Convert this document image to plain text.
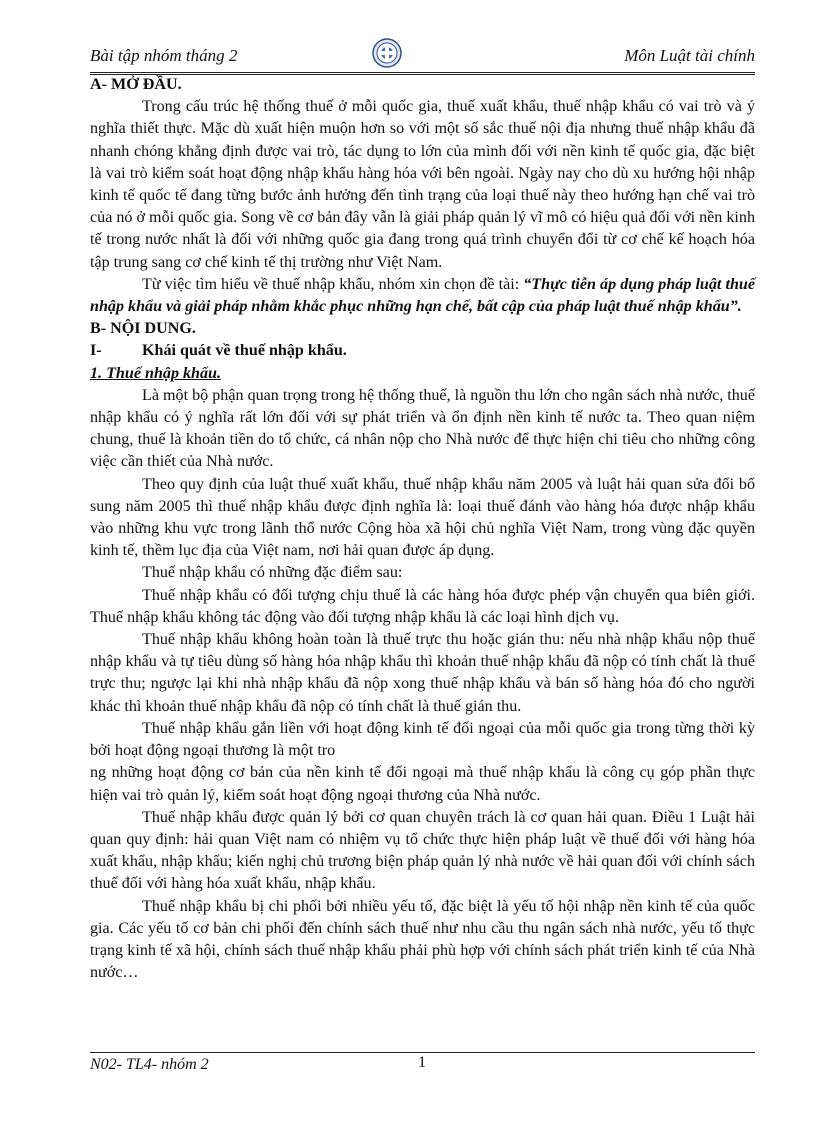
Bài tập nhóm tháng 2	Môn Luật tài chính

A- MỞ ĐẦU.

Trong cấu trúc hệ thống thuế ở mỗi quốc gia, thuế xuất khẩu, thuế nhập khẩu có vai trò và ý nghĩa thiết thực. Mặc dù xuất hiện muộn hơn so với một số sắc thuế nội địa nhưng thuế nhập khẩu đã nhanh chóng khẳng định được vai trò, tác dụng to lớn của mình đối với nền kinh tế quốc gia, đặc biệt là vai trò kiểm soát hoạt động nhập khẩu hàng hóa với bên ngoài. Ngày nay cho dù xu hướng hội nhập kinh tế quốc tế đang từng bước ảnh hưởng đến tình trạng của loại thuế này theo hướng hạn chế vai trò của nó ở mỗi quốc gia. Song về cơ bản đây vẫn là giải pháp quản lý vĩ mô có hiệu quả đối với nền kinh tế trong nước nhất là đối với những quốc gia đang trong quá trình chuyển đổi từ cơ chế kế hoạch hóa tập trung sang cơ chế kinh tế thị trường như Việt Nam.

Từ việc tìm hiểu về thuế nhập khẩu, nhóm xin chọn đề tài: “Thực tiễn áp dụng pháp luật thuế nhập khẩu và giải pháp nhằm khắc phục những hạn chế, bất cập của pháp luật thuế nhập khẩu”.

B- NỘI DUNG.

I-	Khái quát về thuế nhập khẩu.

1. Thuế nhập khẩu.

Là một bộ phận quan trọng trong hệ thống thuế, là nguồn thu lớn cho ngân sách nhà nước, thuế nhập khẩu có ý nghĩa rất lớn đối với sự phát triển và ổn định nền kinh tế nước ta. Theo quan niệm chung, thuế là khoản tiền do tổ chức, cá nhân nộp cho Nhà nước để thực hiện chi tiêu cho những công việc cần thiết của Nhà nước.

Theo quy định của luật thuế xuất khẩu, thuế nhập khẩu năm 2005 và luật hải quan sửa đổi bổ sung năm 2005 thì thuế nhập khẩu được định nghĩa là: loại thuế đánh vào hàng hóa được nhập khẩu vào những khu vực trong lãnh thổ nước Cộng hòa xã hội chủ nghĩa Việt Nam, trong vùng đặc quyền kinh tế, thềm lục địa của Việt nam, nơi hải quan được áp dụng.

Thuế nhập khẩu có những đặc điểm sau:

Thuế nhập khẩu có đối tượng chịu thuế là các hàng hóa được phép vận chuyển qua biên giới. Thuế nhập khẩu không tác động vào đối tượng nhập khẩu là các loại hình dịch vụ.

Thuế nhập khẩu không hoàn toàn là thuế trực thu hoặc gián thu: nếu nhà nhập khẩu nộp thuế nhập khẩu và tự tiêu dùng số hàng hóa nhập khẩu thì khoản thuế nhập khẩu đã nộp có tính chất là thuế trực thu; ngược lại khi nhà nhập khẩu đã nộp xong thuế nhập khẩu và bán số hàng hóa đó cho người khác thì khoản thuế nhập khẩu đã nộp có tính chất là thuế gián thu.

Thuế nhập khẩu gắn liền với hoạt động kinh tế đối ngoại của mỗi quốc gia trong từng thời kỳ bởi hoạt động ngoại thương là một tro

ng những hoạt động cơ bản của nền kinh tế đối ngoại mà thuế nhập khẩu là công cụ góp phần thực hiện vai trò quản lý, kiểm soát hoạt động ngoại thương của Nhà nước.

Thuế nhập khẩu được quản lý bởi cơ quan chuyên trách là cơ quan hải quan. Điều 1 Luật hải quan quy định: hải quan Việt nam có nhiệm vụ tổ chức thực hiện pháp luật về thuế đối với hàng hóa xuất khẩu, nhập khẩu; kiến nghị chủ trương biện pháp quản lý nhà nước về hải quan đối với chính sách thuế đối với hàng hóa xuất khẩu, nhập khẩu.

Thuế nhập khẩu bị chi phối bởi nhiều yếu tố, đặc biệt là yếu tố hội nhập nền kinh tế của quốc gia. Các yếu tố cơ bản chi phối đến chính sách thuế như nhu cầu thu ngân sách nhà nước, yếu tố thực trạng kinh tế xã hội, chính sách thuế nhập khẩu phải phù hợp với chính sách phát triển kinh tế của Nhà nước…

N02- TL4- nhóm 2	1
